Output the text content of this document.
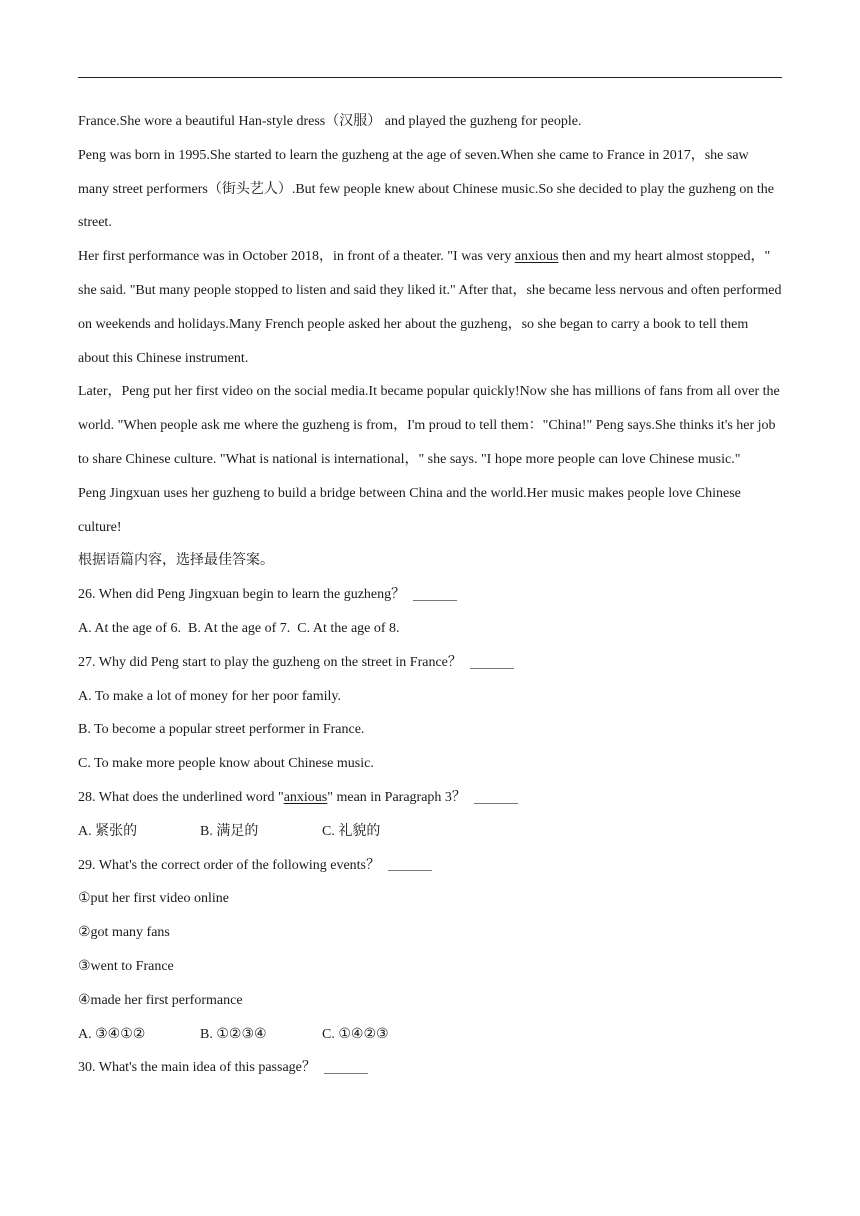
France.She wore a beautiful Han-style dress（汉服） and played the guzheng for people.

Peng was born in 1995.She started to learn the guzheng at the age of seven.When she came to France in 2017，she saw many street performers（街头艺人）.But few people knew about Chinese music.So she decided to play the guzheng on the street.

Her first performance was in October 2018，in front of a theater. "I was very anxious then and my heart almost stopped，" she said. "But many people stopped to listen and said they liked it." After that，she became less nervous and often performed on weekends and holidays.Many French people asked her about the guzheng，so she began to carry a book to tell them about this Chinese instrument.

Later，Peng put her first video on the social media.It became popular quickly!Now she has millions of fans from all over the world. "When people ask me where the guzheng is from，I'm proud to tell them："China!" Peng says.She thinks it's her job to share Chinese culture. "What is national is international，" she says. "I hope more people can love Chinese music."

Peng Jingxuan uses her guzheng to build a bridge between China and the world.Her music makes people love Chinese culture!

根据语篇内容，选择最佳答案。

26. When did Peng Jingxuan begin to learn the guzheng？

A. At the age of 6.  B. At the age of 7.  C. At the age of 8.

27. Why did Peng start to play the guzheng on the street in France？

A. To make a lot of money for her poor family.

B. To become a popular street performer in France.

C. To make more people know about Chinese music.

28. What does the underlined word "anxious" mean in Paragraph 3？

A. 紧张的	B. 满足的	C. 礼貌的

29. What's the correct order of the following events？

①put her first video online

②got many fans

③went to France

④made her first performance

A. ③④①②	B. ①②③④	C. ①④②③

30. What's the main idea of this passage？
